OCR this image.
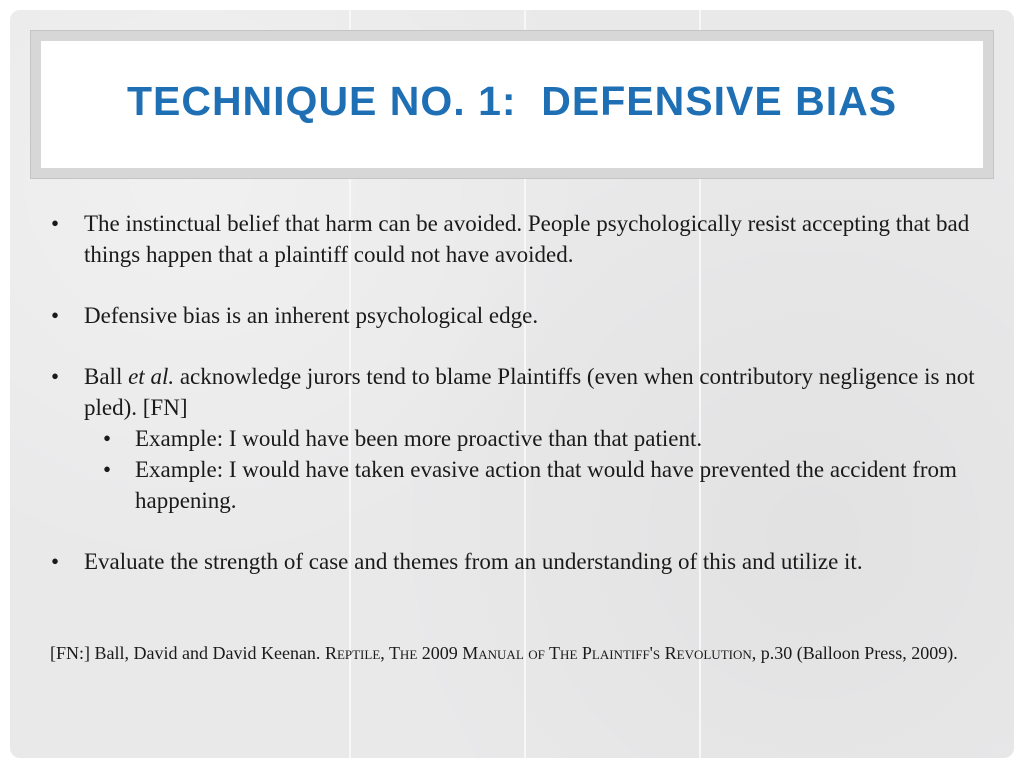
TECHNIQUE NO. 1:  DEFENSIVE BIAS
• The instinctual belief that harm can be avoided. People psychologically resist accepting that bad things happen that a plaintiff could not have avoided.
• Defensive bias is an inherent psychological edge.
• Ball et al. acknowledge jurors tend to blame Plaintiffs (even when contributory negligence is not pled). [FN]
• Example: I would have been more proactive than that patient.
• Example: I would have taken evasive action that would have prevented the accident from happening.
• Evaluate the strength of case and themes from an understanding of this and utilize it.
[FN:] Ball, David and David Keenan. Reptile, The 2009 Manual of The Plaintiff's Revolution, p.30 (Balloon Press, 2009).
